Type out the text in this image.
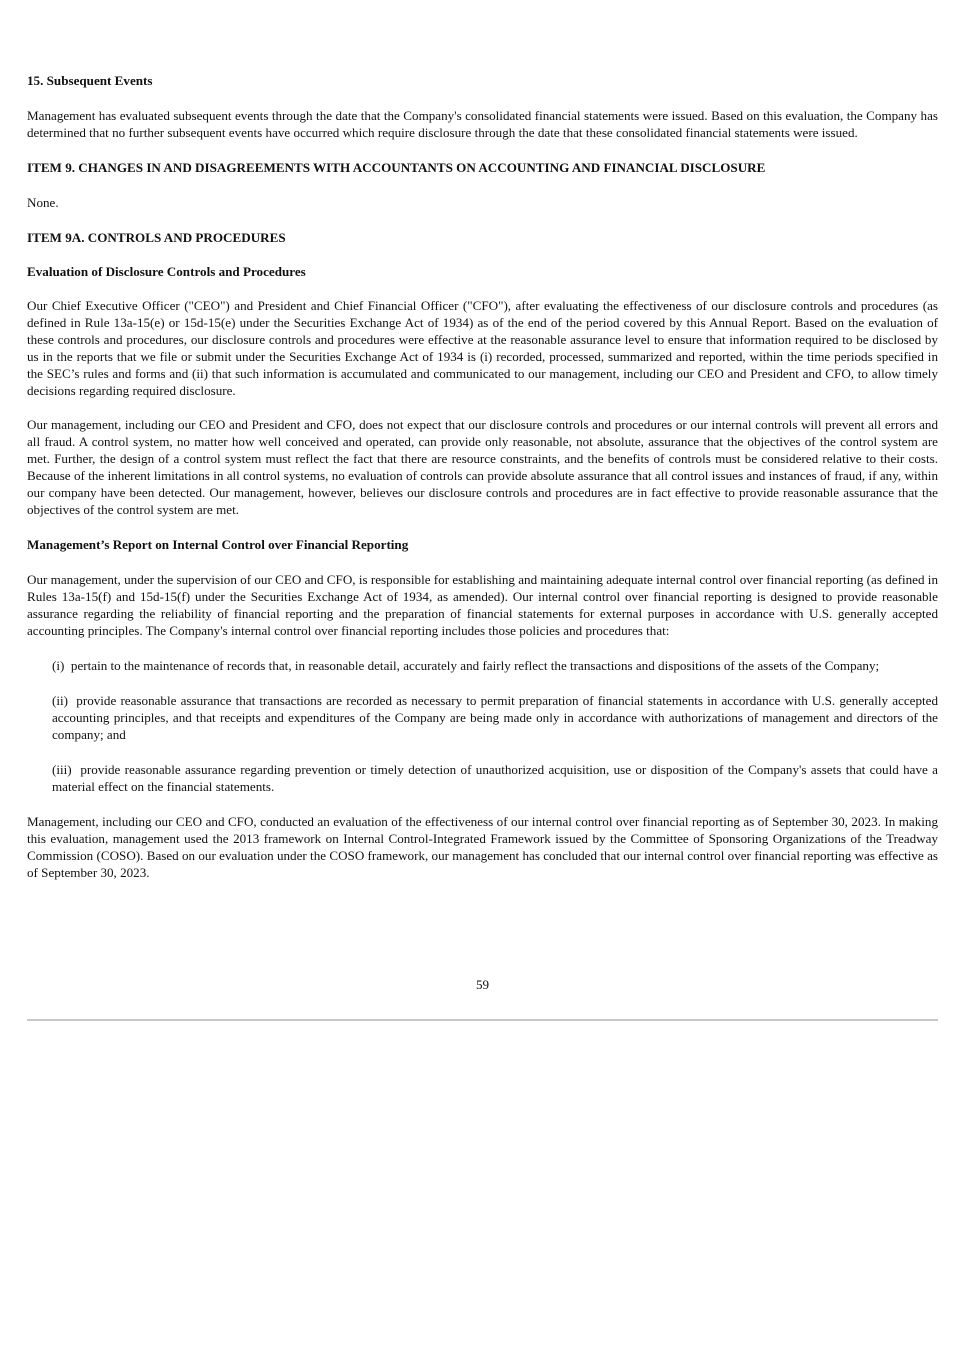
15. Subsequent Events

Management has evaluated subsequent events through the date that the Company's consolidated financial statements were issued. Based on this evaluation, the Company has determined that no further subsequent events have occurred which require disclosure through the date that these consolidated financial statements were issued.

ITEM 9. CHANGES IN AND DISAGREEMENTS WITH ACCOUNTANTS ON ACCOUNTING AND FINANCIAL DISCLOSURE

None.

ITEM 9A. CONTROLS AND PROCEDURES

Evaluation of Disclosure Controls and Procedures

Our Chief Executive Officer ("CEO") and President and Chief Financial Officer ("CFO"), after evaluating the effectiveness of our disclosure controls and procedures (as defined in Rule 13a-15(e) or 15d-15(e) under the Securities Exchange Act of 1934) as of the end of the period covered by this Annual Report. Based on the evaluation of these controls and procedures, our disclosure controls and procedures were effective at the reasonable assurance level to ensure that information required to be disclosed by us in the reports that we file or submit under the Securities Exchange Act of 1934 is (i) recorded, processed, summarized and reported, within the time periods specified in the SEC’s rules and forms and (ii) that such information is accumulated and communicated to our management, including our CEO and President and CFO, to allow timely decisions regarding required disclosure.

Our management, including our CEO and President and CFO, does not expect that our disclosure controls and procedures or our internal controls will prevent all errors and all fraud. A control system, no matter how well conceived and operated, can provide only reasonable, not absolute, assurance that the objectives of the control system are met. Further, the design of a control system must reflect the fact that there are resource constraints, and the benefits of controls must be considered relative to their costs. Because of the inherent limitations in all control systems, no evaluation of controls can provide absolute assurance that all control issues and instances of fraud, if any, within our company have been detected. Our management, however, believes our disclosure controls and procedures are in fact effective to provide reasonable assurance that the objectives of the control system are met.

Management’s Report on Internal Control over Financial Reporting

Our management, under the supervision of our CEO and CFO, is responsible for establishing and maintaining adequate internal control over financial reporting (as defined in Rules 13a-15(f) and 15d-15(f) under the Securities Exchange Act of 1934, as amended). Our internal control over financial reporting is designed to provide reasonable assurance regarding the reliability of financial reporting and the preparation of financial statements for external purposes in accordance with U.S. generally accepted accounting principles. The Company's internal control over financial reporting includes those policies and procedures that:

(i)  pertain to the maintenance of records that, in reasonable detail, accurately and fairly reflect the transactions and dispositions of the assets of the Company;

(ii)  provide reasonable assurance that transactions are recorded as necessary to permit preparation of financial statements in accordance with U.S. generally accepted accounting principles, and that receipts and expenditures of the Company are being made only in accordance with authorizations of management and directors of the company; and

(iii)  provide reasonable assurance regarding prevention or timely detection of unauthorized acquisition, use or disposition of the Company's assets that could have a material effect on the financial statements.

Management, including our CEO and CFO, conducted an evaluation of the effectiveness of our internal control over financial reporting as of September 30, 2023. In making this evaluation, management used the 2013 framework on Internal Control-Integrated Framework issued by the Committee of Sponsoring Organizations of the Treadway Commission (COSO). Based on our evaluation under the COSO framework, our management has concluded that our internal control over financial reporting was effective as of September 30, 2023.

59
